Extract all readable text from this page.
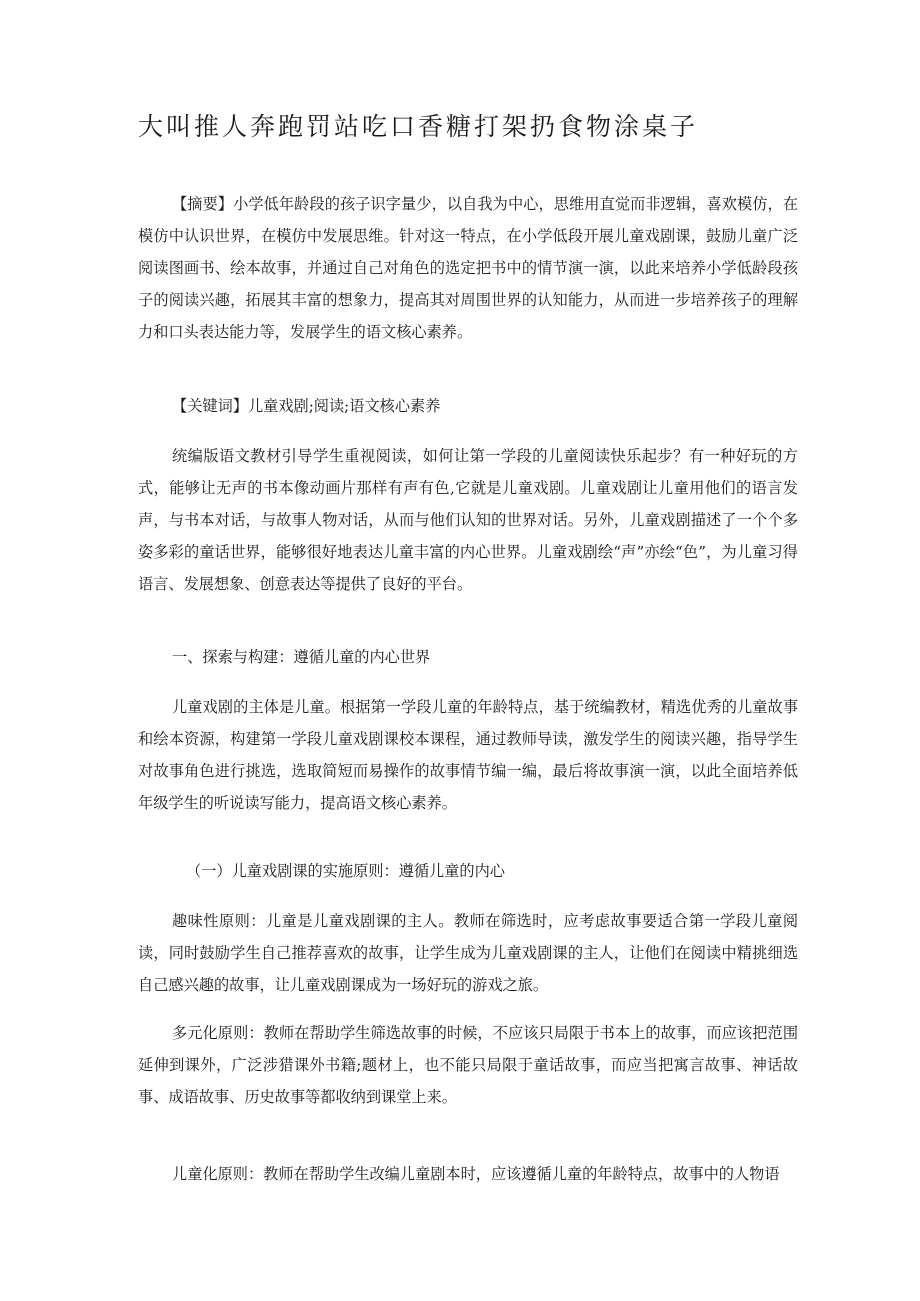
大叫推人奔跑罚站吃口香糖打架扔食物涂桌子

【摘要】小学低年龄段的孩子识字量少，以自我为中心，思维用直觉而非逻辑，喜欢模仿，在模仿中认识世界，在模仿中发展思维。针对这一特点，在小学低段开展儿童戏剧课，鼓励儿童广泛阅读图画书、绘本故事，并通过自己对角色的选定把书中的情节演一演，以此来培养小学低龄段孩子的阅读兴趣，拓展其丰富的想象力，提高其对周围世界的认知能力，从而进一步培养孩子的理解力和口头表达能力等，发展学生的语文核心素养。

【关键词】儿童戏剧;阅读;语文核心素养

统编版语文教材引导学生重视阅读，如何让第一学段的儿童阅读快乐起步？有一种好玩的方式，能够让无声的书本像动画片那样有声有色,它就是儿童戏剧。儿童戏剧让儿童用他们的语言发声，与书本对话，与故事人物对话，从而与他们认知的世界对话。另外，儿童戏剧描述了一个个多姿多彩的童话世界，能够很好地表达儿童丰富的内心世界。儿童戏剧绘“声”亦绘“色”，为儿童习得语言、发展想象、创意表达等提供了良好的平台。

一、探索与构建：遵循儿童的内心世界

儿童戏剧的主体是儿童。根据第一学段儿童的年龄特点，基于统编教材，精选优秀的儿童故事和绘本资源，构建第一学段儿童戏剧课校本课程，通过教师导读，激发学生的阅读兴趣，指导学生对故事角色进行挑选，选取简短而易操作的故事情节编一编，最后将故事演一演，以此全面培养低年级学生的听说读写能力，提高语文核心素养。

（一）儿童戏剧课的实施原则：遵循儿童的内心

趣味性原则：儿童是儿童戏剧课的主人。教师在筛选时，应考虑故事要适合第一学段儿童阅读，同时鼓励学生自己推荐喜欢的故事，让学生成为儿童戏剧课的主人，让他们在阅读中精挑细选自己感兴趣的故事，让儿童戏剧课成为一场好玩的游戏之旅。

多元化原则：教师在帮助学生筛选故事的时候，不应该只局限于书本上的故事，而应该把范围延伸到课外，广泛涉猎课外书籍;题材上，也不能只局限于童话故事，而应当把寓言故事、神话故事、成语故事、历史故事等都收纳到课堂上来。

儿童化原则：教师在帮助学生改编儿童剧本时，应该遵循儿童的年龄特点，故事中的人物语
